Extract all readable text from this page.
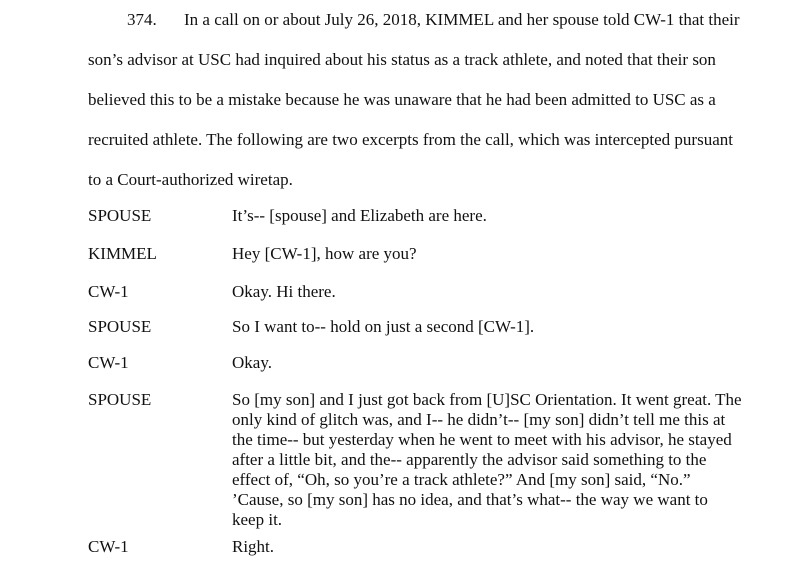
374. In a call on or about July 26, 2018, KIMMEL and her spouse told CW-1 that their
son’s advisor at USC had inquired about his status as a track athlete, and noted that their son
believed this to be a mistake because he was unaware that he had been admitted to USC as a
recruited athlete. The following are two excerpts from the call, which was intercepted pursuant
to a Court-authorized wiretap.
SPOUSE	It’s-- [spouse] and Elizabeth are here.
KIMMEL	Hey [CW-1], how are you?
CW-1	Okay. Hi there.
SPOUSE	So I want to-- hold on just a second [CW-1].
CW-1	Okay.
SPOUSE	So [my son] and I just got back from [U]SC Orientation. It went great. The
only kind of glitch was, and I-- he didn’t-- [my son] didn’t tell me this at
the time-- but yesterday when he went to meet with his advisor, he stayed
after a little bit, and the-- apparently the advisor said something to the
effect of, “Oh, so you’re a track athlete?” And [my son] said, “No.”
’Cause, so [my son] has no idea, and that’s what-- the way we want to
keep it.
CW-1	Right.
